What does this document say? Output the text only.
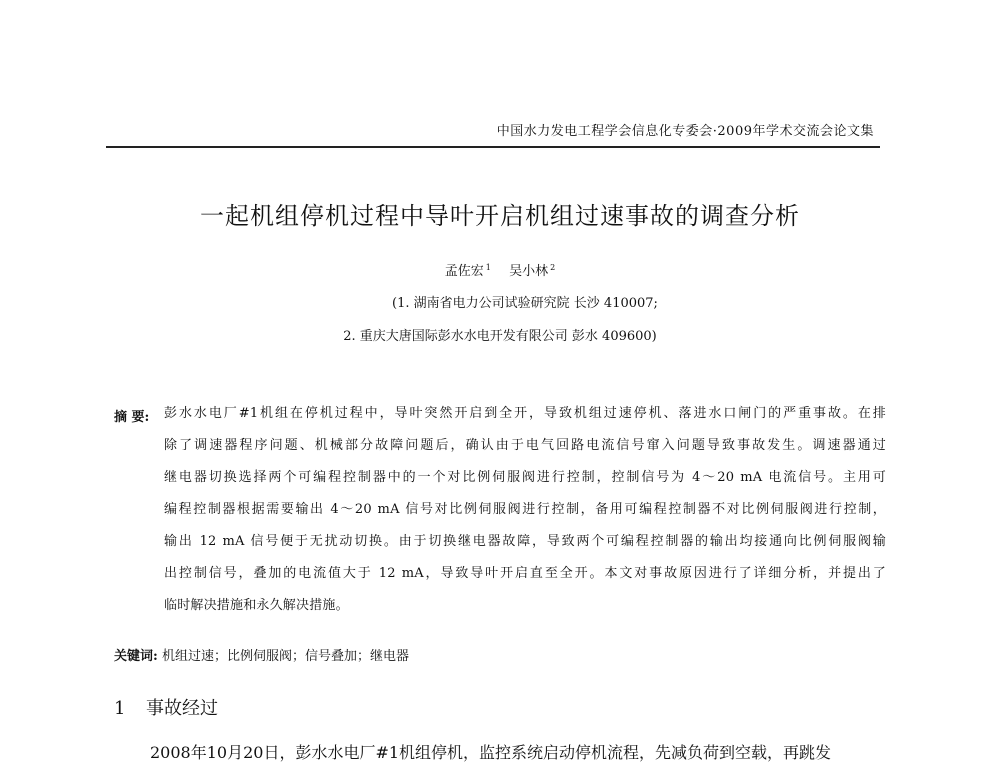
中国水力发电工程学会信息化专委会·2009年学术交流会论文集
一起机组停机过程中导叶开启机组过速事故的调查分析
孟佐宏 $^1$ 吴小林 $^2$
(1. 湖南省电力公司试验研究院 长沙 410007;
2. 重庆大唐国际彭水水电开发有限公司 彭水 409600)
摘 要: 彭水水电厂#1机组在停机过程中，导叶突然开启到全开，导致机组过速停机、落进水口闸门的严重事故。在排
除了调速器程序问题、机械部分故障问题后，确认由于电气回路电流信号窜入问题导致事故发生。调速器通过
继电器切换选择两个可编程控制器中的一个对比例伺服阀进行控制，控制信号为 4～20 mA 电流信号。主用可
编程控制器根据需要输出 4～20 mA 信号对比例伺服阀进行控制，备用可编程控制器不对比例伺服阀进行控制，
输出 12 mA 信号便于无扰动切换。由于切换继电器故障，导致两个可编程控制器的输出均接通向比例伺服阀输
出控制信号，叠加的电流值大于 12 mA，导致导叶开启直至全开。本文对事故原因进行了详细分析，并提出了
临时解决措施和永久解决措施。
关键词: 机组过速；比例伺服阀；信号叠加；继电器
1 事故经过
2008年10月20日，彭水水电厂#1机组停机，监控系统启动停机流程，先减负荷到空载，再跳发
